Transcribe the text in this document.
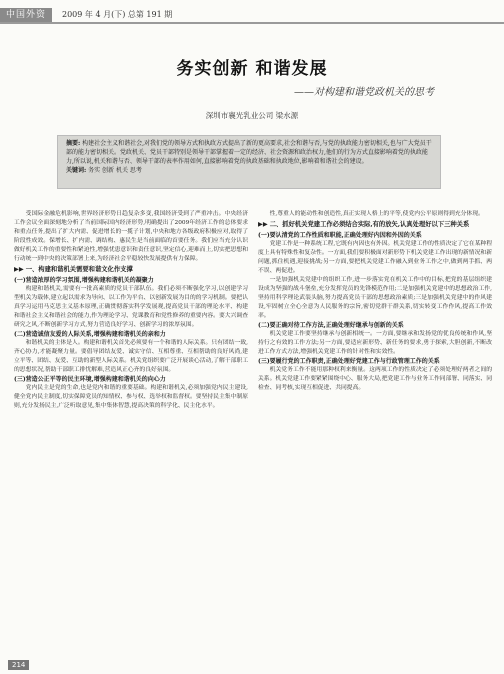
中国外资	2009 年 4 月(下) 总第 191 期
务实创新 和谐发展
——对构建和谐党政机关的思考
深圳市襄光乳业公司 梁水源
摘要: 构建社会主义和谐社会,对我们党的领导方式和执政方式提出了新的更高要求,社会和谐与否,与党的执政能力密切相关,也与广大党员干部的能力密切相关。党政机关、党员干部特别是领导干部掌握着一定的经济、社会资源和政治权力,他们的行为方式直接影响着党的执政能力,所以说,机关和谐与否、领导干部的表率作用如何,直接影响着党的执政基础和执政地位,影响着和谐社会的建设。
关键词: 务实 创新 机关 思考

受国际金融危机影响,世界经济形势日趋复杂多变,我国经济受到了严重冲击。中央经济工作会议全面深刻地分析了当前国际国内经济形势,明确提出了2009年经济工作的总体要求和重点任务,提出了扩大内需、促进增长的一揽子计划,中央和地方各级政府积极应对,取得了阶段性成效。保增长、扩内需、调结构、惠民生是当前面临的首要任务。我们应当充分认识做好机关工作的重要性和紧迫性,增强忧患意识和责任意识,坚定信心,迎难而上,切实把思想和行动统一到中央的决策部署上来,为经济社会平稳较快发展提供有力保障。

▶▶ 一、构建和谐机关需要和谐文化作支撑
(一)营造浓厚的学习氛围,增强构建和谐机关的凝聚力

构建和谐机关,需要有一批高素质的党员干部队伍。我们必须不断强化学习,以创建学习型机关为载体,建立起以需求为导向、以工作为平台、以创新发展为目的的学习机制。要把认真学习运用马克思主义基本原理,正确贯彻落实科学发展观,提高党员干部的理论水平、构建和谐社会主义和谐社会的能力,作为理论学习、党课教育和党性修养的重要内容。要大兴调查研究之风,不断创新学习方式,努力营造良好学习、创新学习的浓厚氛围。

(二)营造诚信友爱的人际关系,增强构建和谐机关的亲和力

和谐机关的主体是人。构建和谐机关首先必须要有一个和谐的人际关系。只有团结一致,齐心协力,才能凝聚力量。要倡导团结友爱、诚实守信、互相尊重、互相帮助的良好风尚,建立平等、团结、友爱、互助的新型人际关系。机关党组织要广泛开展谈心活动,了解干部职工的思想状况,帮助干部职工排忧解难,营造风正心齐的良好氛围。

(三)营造公正平等的民主环境,增强构建和谐机关的向心力

党内民主是党的生命,也是党内和谐的重要基础。构建和谐机关,必须加强党内民主建设,健全党内民主制度,切实保障党员的知情权、参与权、选举权和监督权。要坚持民主集中制原则,充分发扬民主,广泛听取意见,集中集体智慧,提高决策的科学化、民主化水平。

性,尊重人的能动性和创造性,真正实现人格上的平等,使党内公平原则得到充分体现。

▶▶ 二、抓好机关党建工作必须结合实际,有的放矢,认真处理好以下三种关系
(一)要认清党的工作性质和职能,正确处理好内因和外因的关系

党建工作是一种系统工程,它既有内因也有外因。机关党建工作的性质决定了它在某种程度上具有特殊性和复杂性。一方面,我们要积极面对新形势下机关党建工作出现的新情况和新问题,抓住机遇,迎接挑战;另一方面,要把机关党建工作融入到业务工作之中,做到两手抓、两不误、两促进。

一是加强机关党建中的组织工作,进一步落实党在机关工作中的目标,把党的基层组织建设成为坚强的战斗堡垒,充分发挥党员的先锋模范作用;二是加强机关党建中的思想政治工作,坚持用科学理论武装头脑,努力提高党员干部的思想政治素质;三是加强机关党建中的作风建设,牢固树立全心全意为人民服务的宗旨,密切党群干群关系,切实转变工作作风,提高工作效率。

(二)要正确对待工作方法,正确处理好继承与创新的关系

机关党建工作要坚持继承与创新相统一。一方面,要继承和发扬党的优良传统和作风,坚持行之有效的工作方法;另一方面,要适应新形势、新任务的要求,勇于探索,大胆创新,不断改进工作方式方法,增强机关党建工作的针对性和实效性。

(三)要履行党的工作职责,正确处理好党建工作与行政管理工作的关系

机关党务工作不能用那种权利来衡量。这两项工作的性质决定了必须处理好两者之间的关系。机关党建工作要紧紧围绕中心、服务大局,把党建工作与业务工作同部署、同落实、同检查、同考核,实现互相促进、共同提高。

214
